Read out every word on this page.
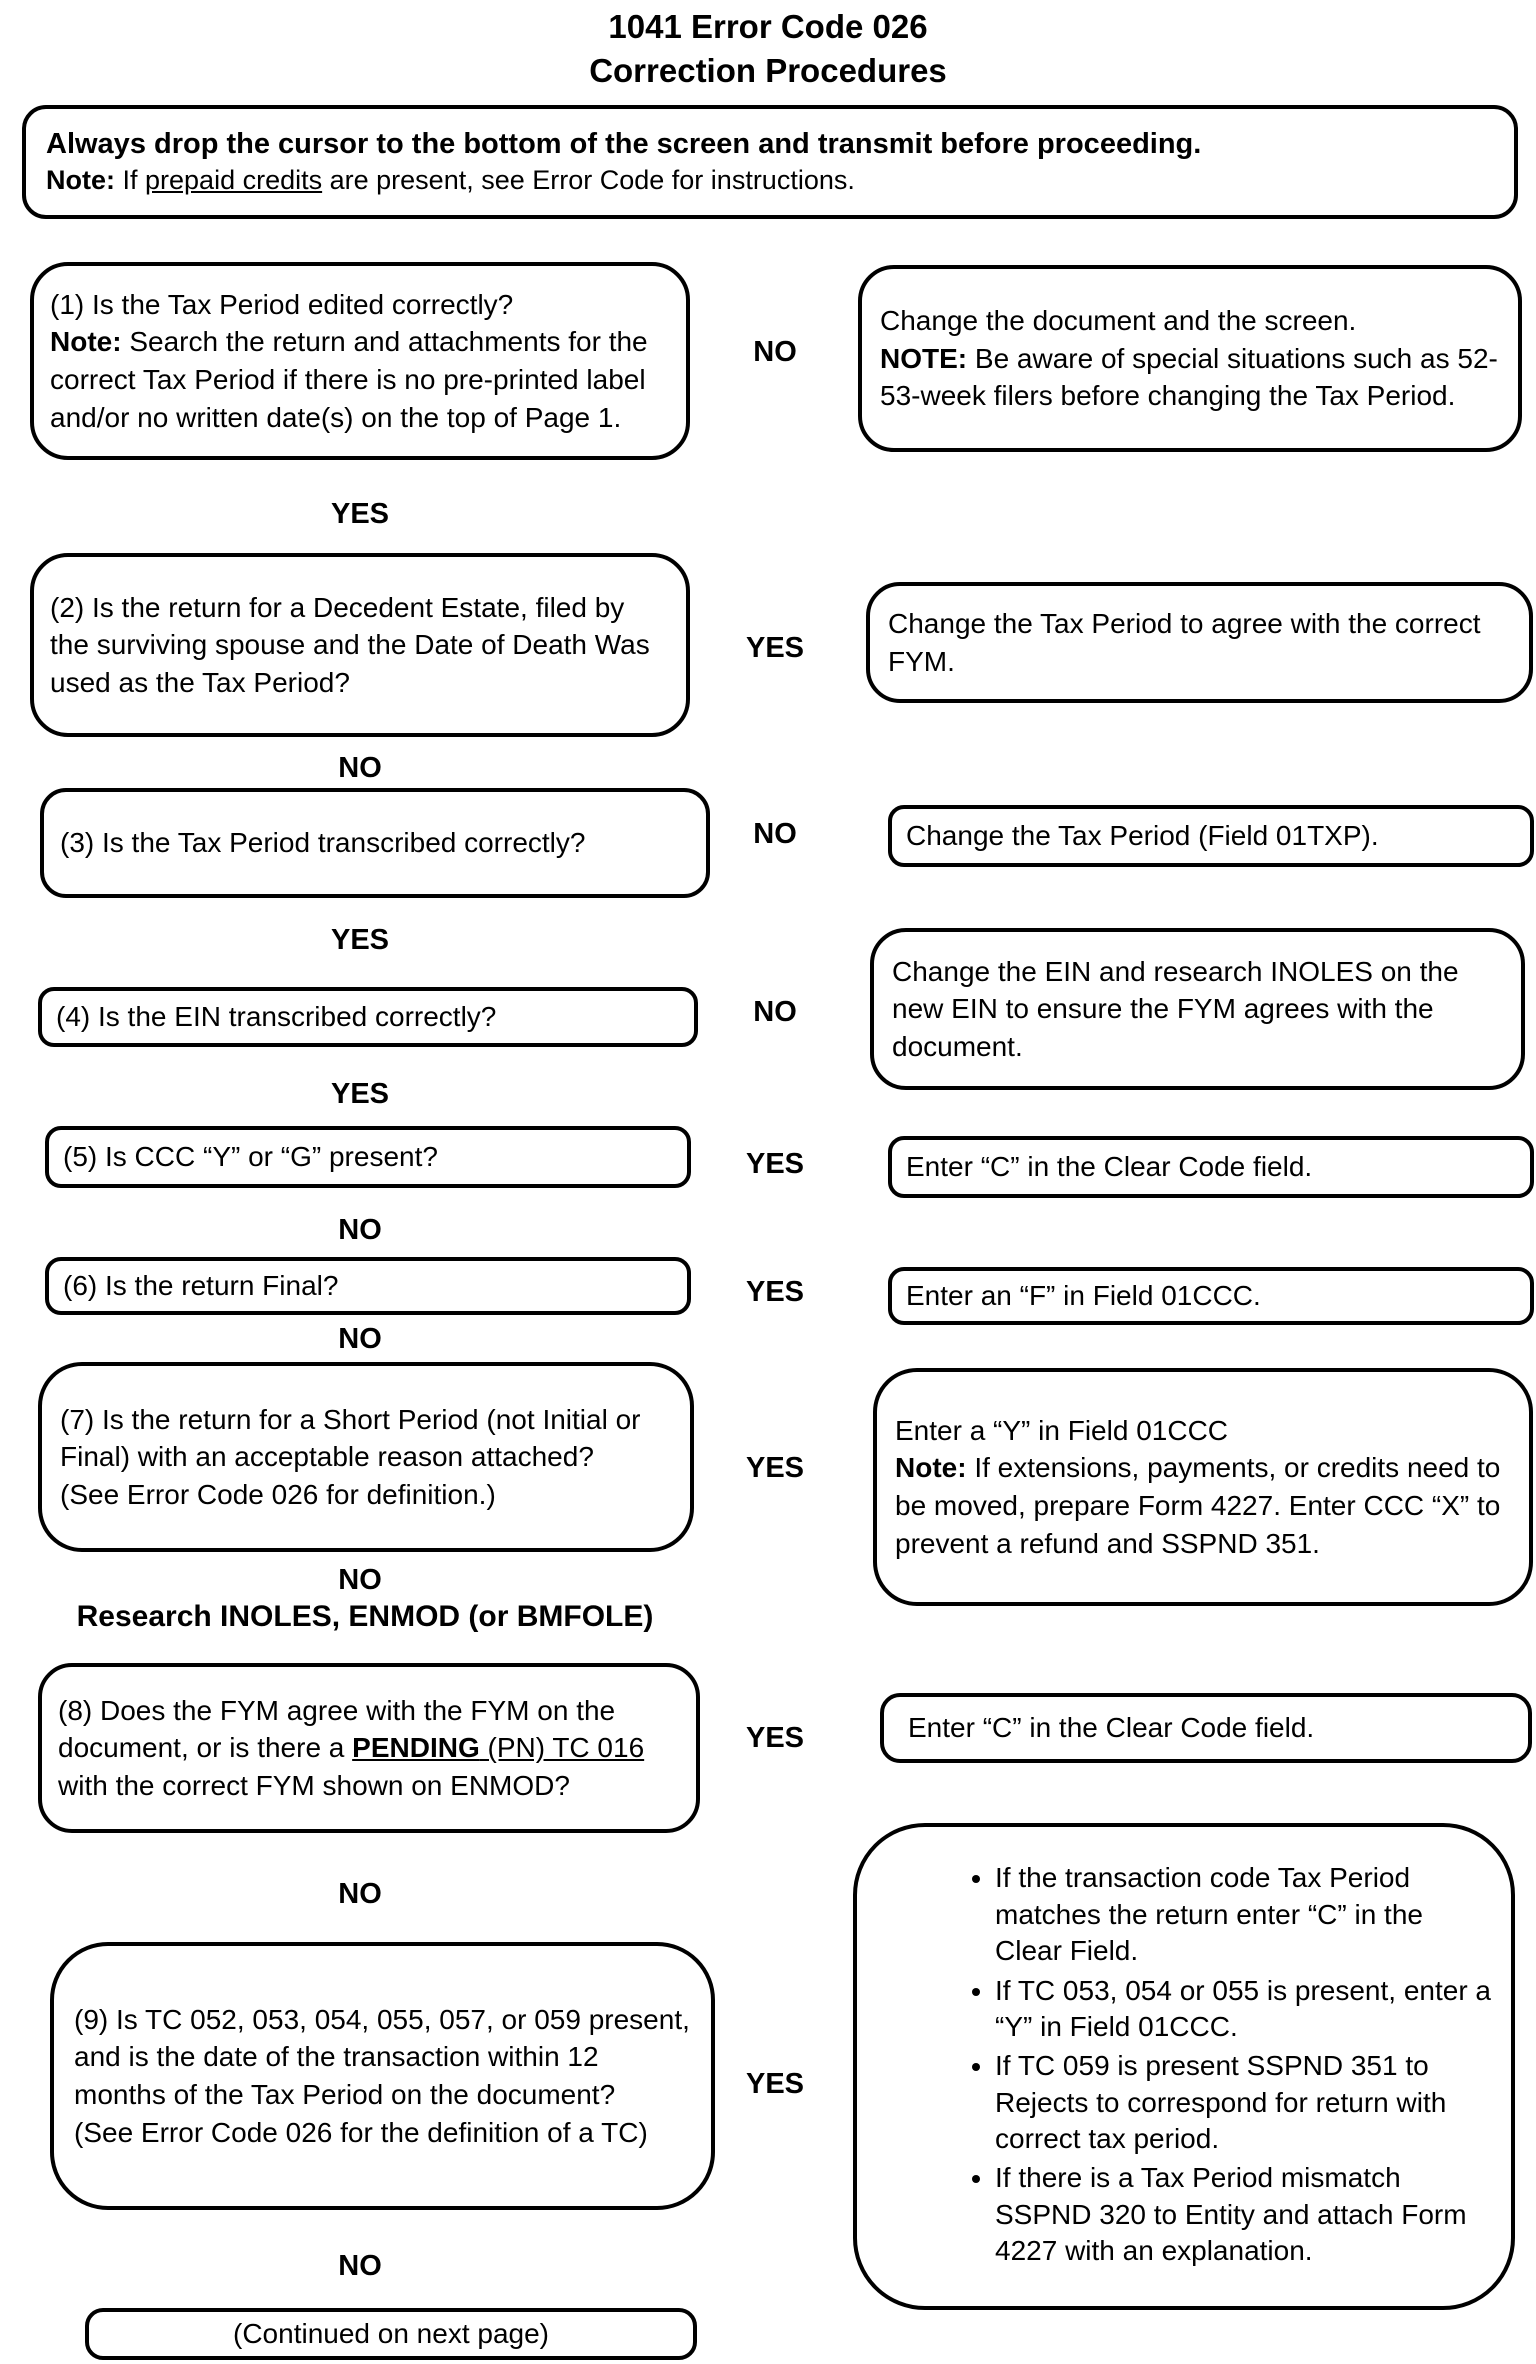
1041 Error Code 026
Correction Procedures
Always drop the cursor to the bottom of the screen and transmit before proceeding.
Note: If prepaid credits are present, see Error Code for instructions.
(1) Is the Tax Period edited correctly?
Note: Search the return and attachments for the correct Tax Period if there is no pre-printed label and/or no written date(s) on the top of Page 1.
NO
Change the document and the screen.
NOTE: Be aware of special situations such as 52-53-week filers before changing the Tax Period.
YES
(2) Is the return for a Decedent Estate, filed by the surviving spouse and the Date of Death Was used as the Tax Period?
YES
Change the Tax Period to agree with the correct FYM.
NO
(3) Is the Tax Period transcribed correctly?	NO	Change the Tax Period (Field 01TXP).
YES
(4) Is the EIN transcribed correctly?	NO
Change the EIN and research INOLES on the new EIN to ensure the FYM agrees with the document.
YES
(5) Is CCC “Y” or “G” present?	YES	Enter “C” in the Clear Code field.
NO
(6) Is the return Final?	YES	Enter an “F” in Field 01CCC.
NO
(7) Is the return for a Short Period (not Initial or Final) with an acceptable reason attached?
(See Error Code 026 for definition.)
YES
Enter a “Y” in Field 01CCC
Note: If extensions, payments, or credits need to be moved, prepare Form 4227. Enter CCC “X” to prevent a refund and SSPND 351.
NO
Research INOLES, ENMOD (or BMFOLE)
(8) Does the FYM agree with the FYM on the document, or is there a PENDING (PN) TC 016 with the correct FYM shown on ENMOD?
YES	Enter “C” in the Clear Code field.
NO
(9) Is TC 052, 053, 054, 055, 057, or 059 present, and is the date of the transaction within 12 months of the Tax Period on the document?
(See Error Code 026 for the definition of a TC)
YES
• If the transaction code Tax Period matches the return enter “C” in the Clear Field.
• If TC 053, 054 or 055 is present, enter a “Y” in Field 01CCC.
• If TC 059 is present SSPND 351 to Rejects to correspond for return with correct tax period.
• If there is a Tax Period mismatch SSPND 320 to Entity and attach Form 4227 with an explanation.
NO
(Continued on next page)
